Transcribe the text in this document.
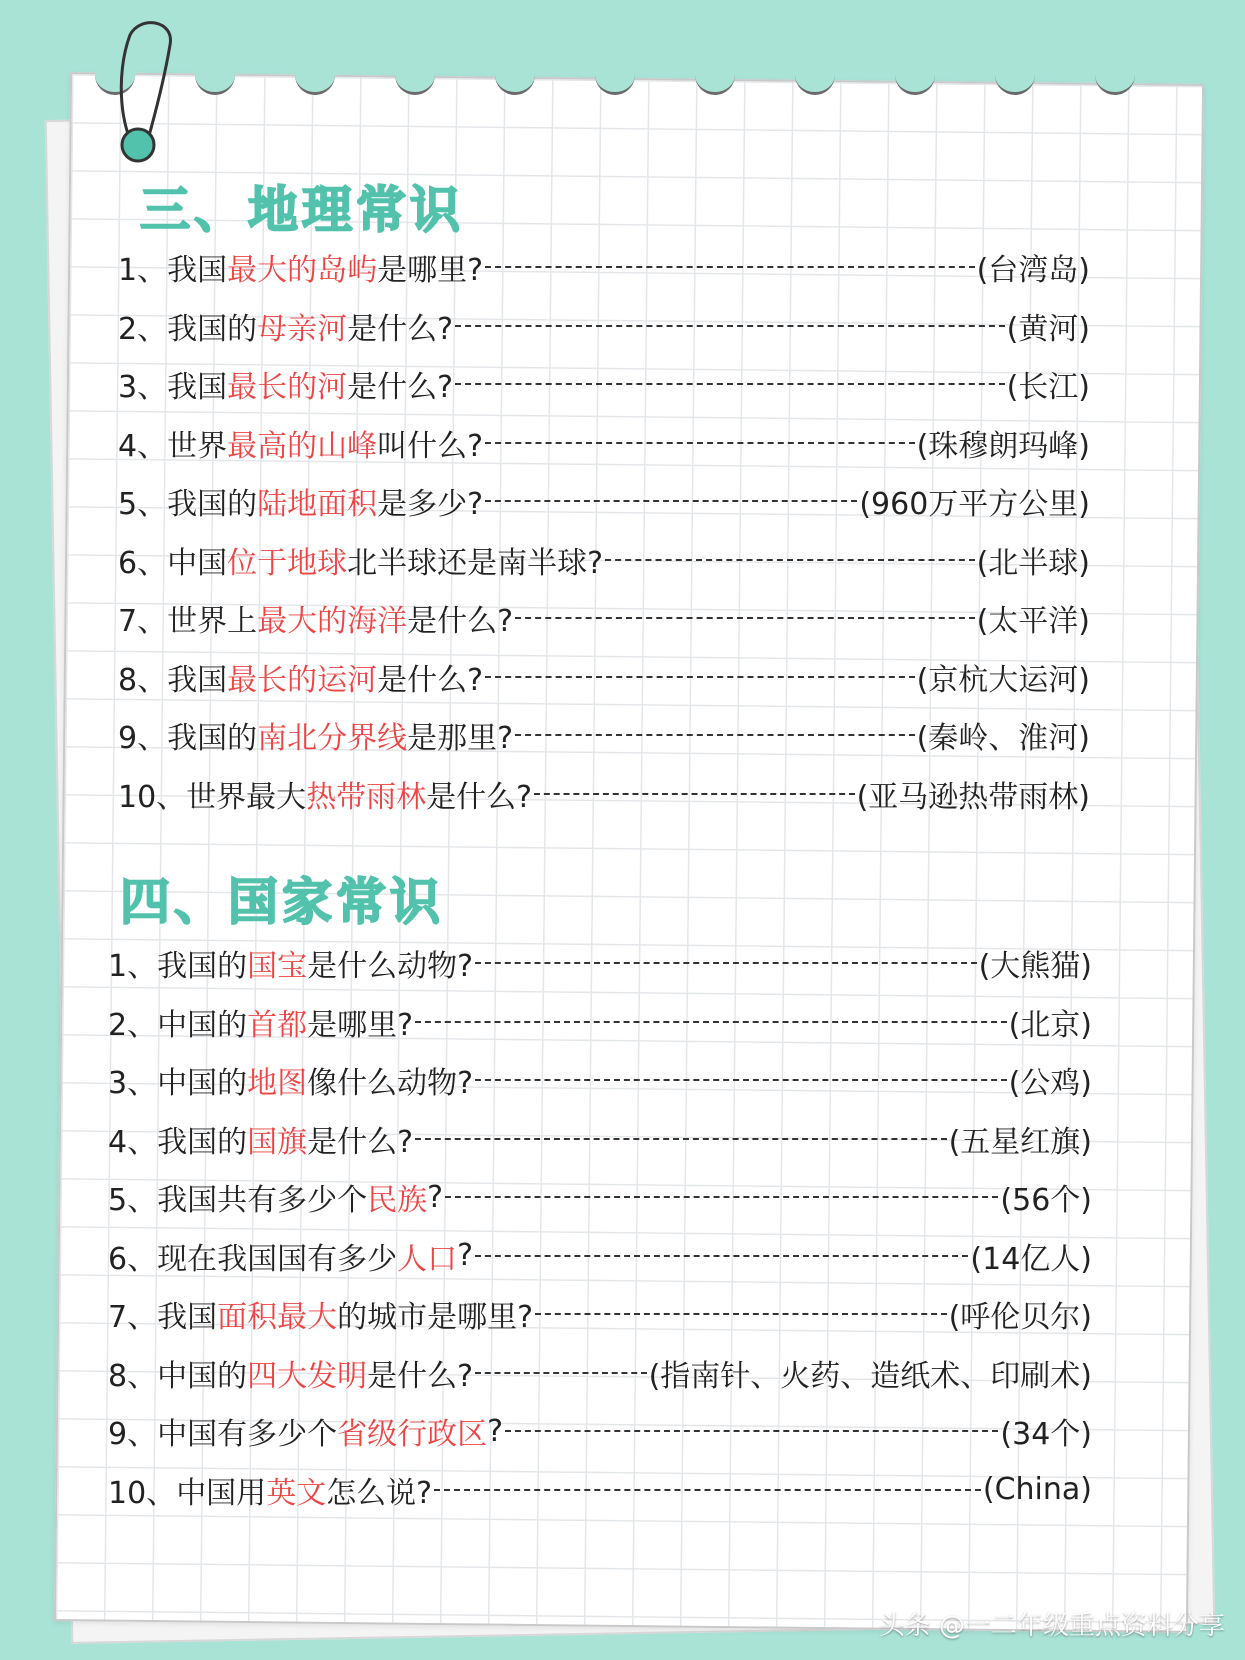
三、地理常识
1、 我国 最大的岛屿 是哪里?	(台湾岛)
2、 我国的 母亲河 是什么?	(黄河)
3、 我国 最长的河 是什么?	(长江)
4、 世界 最高的山峰 叫什么?	(珠穆朗玛峰)
5、 我国的 陆地面积 是多少?	(960万平方公里)
6、 中国 位于地球 北半球还是南半球?	(北半球)
7、 世界上 最大的海洋 是什么?	(太平洋)
8、 我国 最长的运河 是什么?	(京杭大运河)
9、 我国的 南北分界线 是那里?	(秦岭、淮河)
10、 世界最大 热带雨林 是什么?	(亚马逊热带雨林)
四、国家常识
1、 我国的 国宝 是什么动物?	(大熊猫)
2、 中国的 首都 是哪里?	(北京)
3、 中国的 地图 像什么动物?	(公鸡)
4、 我国的 国旗 是什么?	(五星红旗)
5、 我国共有多少个 民族 ?	(56个)
6、 现在我国国有多少 人口 ?	(14亿人)
7、 我国 面积最大 的城市是哪里?	(呼伦贝尔)
8、 中国的 四大发明 是什么?	(指南针、火药、造纸术、印刷术)
9、 中国有多少个 省级行政区 ?	(34个)
10、 中国用 英文 怎么说?	(China)
头条 @一二年级重点资料分享
